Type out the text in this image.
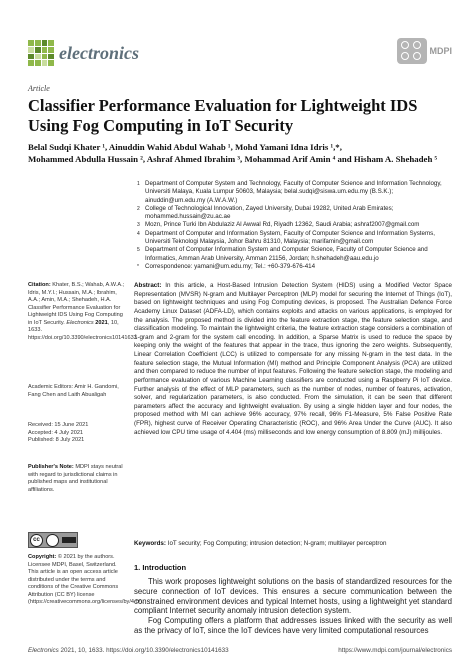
electronics	MDPI
Article
Classifier Performance Evaluation for Lightweight IDS Using Fog Computing in IoT Security
Belal Sudqi Khater ¹, Ainuddin Wahid Abdul Wahab ¹, Mohd Yamani Idna Idris ¹,*,
Mohammed Abdulla Hussain ², Ashraf Ahmed Ibrahim ³, Mohammad Arif Amin ⁴ and Hisham A. Shehadeh ⁵
1 Department of Computer System and Technology, Faculty of Computer Science and Information Technology, Universiti Malaya, Kuala Lumpur 50603, Malaysia; belal.sudqi@siswa.um.edu.my (B.S.K.); ainuddin@um.edu.my (A.W.A.W.)
2 College of Technological Innovation, Zayed University, Dubai 19282, United Arab Emirates; mohammed.hussain@zu.ac.ae
3 Mozn, Prince Turki Ibn Abdulaziz Al Awwal Rd, Riyadh 12362, Saudi Arabia; ashraf2007@gmail.com
4 Department of Computer and Information System, Faculty of Computer Science and Information Systems, Universiti Teknologi Malaysia, Johor Bahru 81310, Malaysia; marifamin@gmail.com
5 Department of Computer Information System and Computer Science, Faculty of Computer Science and Informatics, Amman Arab University, Amman 21156, Jordan; h.shehadeh@aau.edu.jo
* Correspondence: yamani@um.edu.my; Tel.: +60-379-676-414
Abstract: In this article, a Host-Based Intrusion Detection System (HIDS) using a Modified Vector Space Representation (MVSR) N-gram and Multilayer Perceptron (MLP) model for securing the Internet of Things (IoT), based on lightweight techniques and using Fog Computing devices, is proposed. The Australian Defence Force Academy Linux Dataset (ADFA-LD), which contains exploits and attacks on various applications, is employed for the analysis. The proposed method is divided into the feature extraction stage, the feature selection stage, and classification modeling. To maintain the lightweight criteria, the feature extraction stage considers a combination of 1-gram and 2-gram for the system call encoding. In addition, a Sparse Matrix is used to reduce the space by keeping only the weight of the features that appear in the trace, thus ignoring the zero weights. Subsequently, Linear Correlation Coefficient (LCC) is utilized to compensate for any missing N-gram in the test data. In the feature selection stage, the Mutual Information (MI) method and Principle Component Analysis (PCA) are utilized and then compared to reduce the number of input features. Following the feature selection stage, the modeling and performance evaluation of various Machine Learning classifiers are conducted using a Raspberry Pi IoT device. Further analysis of the effect of MLP parameters, such as the number of nodes, number of features, activation, solver, and regularization parameters, is also conducted. From the simulation, it can be seen that different parameters affect the accuracy and lightweight evaluation. By using a single hidden layer and four nodes, the proposed method with MI can achieve 96% accuracy, 97% recall, 96% F1-Measure, 5% False Positive Rate (FPR), highest curve of Receiver Operating Characteristic (ROC), and 96% Area Under the Curve (AUC). It also achieved low CPU time usage of 4.404 (ms) milliseconds and low energy consumption of 8.809 (mJ) millijoules.
Keywords: IoT security; Fog Computing; intrusion detection; N-gram; multilayer perceptron
Citation: Khater, B.S.; Wahab, A.W.A.; Idris, M.Y.I.; Hussain, M.A.; Ibrahim, A.A.; Amin, M.A.; Shehadeh, H.A. Classifier Performance Evaluation for Lightweight IDS Using Fog Computing in IoT Security. Electronics 2021, 10, 1633. https://doi.org/10.3390/electronics10141633
Academic Editors: Amir H. Gandomi, Fang Chen and Laith Abualigah
Received: 15 June 2021
Accepted: 4 July 2021
Published: 8 July 2021
Publisher's Note: MDPI stays neutral with regard to jurisdictional claims in published maps and institutional affiliations.
cc
Copyright: © 2021 by the authors. Licensee MDPI, Basel, Switzerland. This article is an open access article distributed under the terms and conditions of the Creative Commons Attribution (CC BY) license (https://creativecommons.org/licenses/by/4.0/).
1. Introduction

This work proposes lightweight solutions on the basis of standardized resources for the secure connection of IoT devices. This ensures a secure communication between the constrained environment devices and typical Internet hosts, using a lightweight yet standard compliant Internet security anomaly intrusion detection system.

Fog Computing offers a platform that addresses issues linked with the security as well as the privacy of IoT, since the IoT devices have very limited computational resources

Electronics 2021, 10, 1633. https://doi.org/10.3390/electronics10141633	https://www.mdpi.com/journal/electronics
